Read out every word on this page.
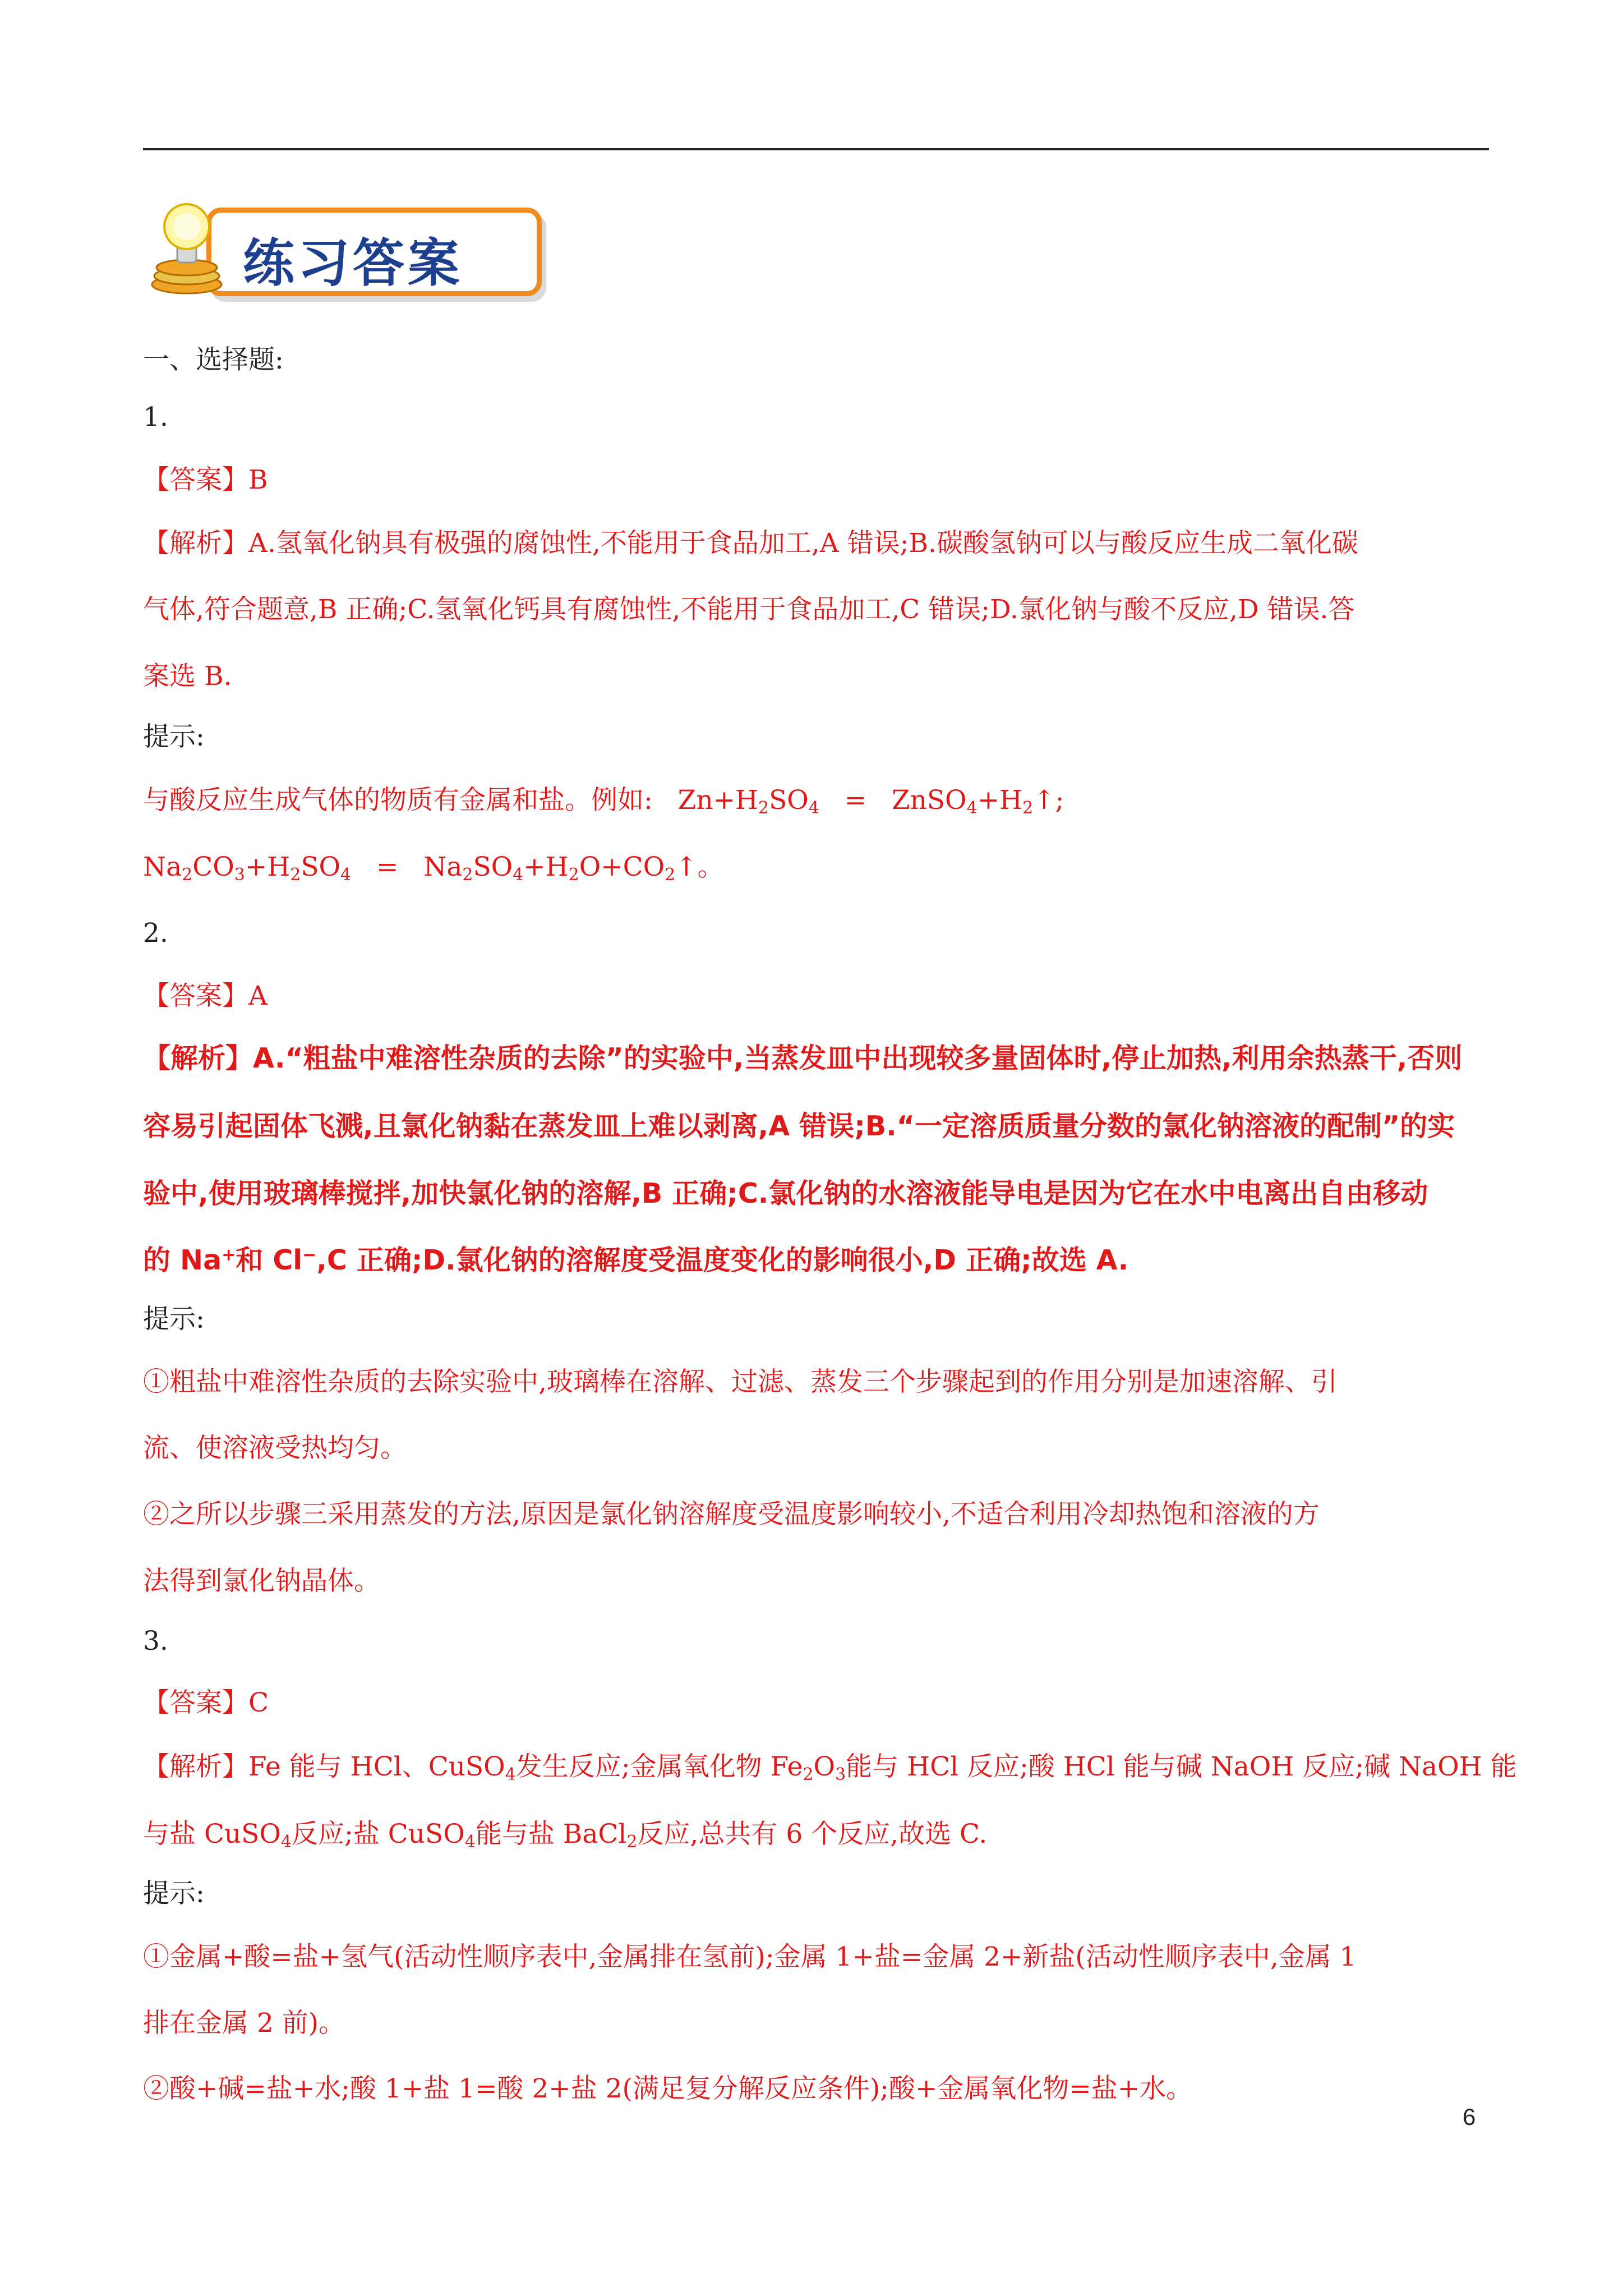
练习答案
一、选择题:
1.
【答案】B
【解析】A.氢氧化钠具有极强的腐蚀性,不能用于食品加工,A 错误;B.碳酸氢钠可以与酸反应生成二氧化碳
气体,符合题意,B 正确;C.氢氧化钙具有腐蚀性,不能用于食品加工,C 错误;D.氯化钠与酸不反应,D 错误.答
案选 B.
提示:
与酸反应生成气体的物质有金属和盐。例如: $Zn+H_2SO_4$ = $ZnSO_4+H_2↑$;
$Na_2CO_3+H_2SO_4$ = $Na_2SO_4+H_2O+CO_2↑$。
2.
【答案】A
【解析】A.“粗盐中难溶性杂质的去除”的实验中,当蒸发皿中出现较多量固体时,停止加热,利用余热蒸干,否则
容易引起固体飞溅,且氯化钠黏在蒸发皿上难以剥离,A 错误;B.“一定溶质质量分数的氯化钠溶液的配制”的实
验中,使用玻璃棒搅拌,加快氯化钠的溶解,B 正确;C.氯化钠的水溶液能导电是因为它在水中电离出自由移动
的 Na+和 Cl−,C 正确;D.氯化钠的溶解度受温度变化的影响很小,D 正确;故选 A.
提示:
①粗盐中难溶性杂质的去除实验中,玻璃棒在溶解、过滤、蒸发三个步骤起到的作用分别是加速溶解、引
流、使溶液受热均匀。
②之所以步骤三采用蒸发的方法,原因是氯化钠溶解度受温度影响较小,不适合利用冷却热饱和溶液的方
法得到氯化钠晶体。
3.
【答案】C
【解析】Fe 能与 HCl、CuSO$_4$发生反应;金属氧化物 $Fe_2O_3$能与 HCl 反应;酸 HCl 能与碱 NaOH 反应;碱 NaOH 能
与盐 CuSO$_4$反应;盐 CuSO$_4$能与盐 BaCl$_2$反应,总共有 6 个反应,故选 C.
提示:
①金属+酸=盐+氢气(活动性顺序表中,金属排在氢前);金属 1+盐=金属 2+新盐(活动性顺序表中,金属 1
排在金属 2 前)。
②酸+碱=盐+水;酸 1+盐 1=酸 2+盐 2(满足复分解反应条件);酸+金属氧化物=盐+水。
6
